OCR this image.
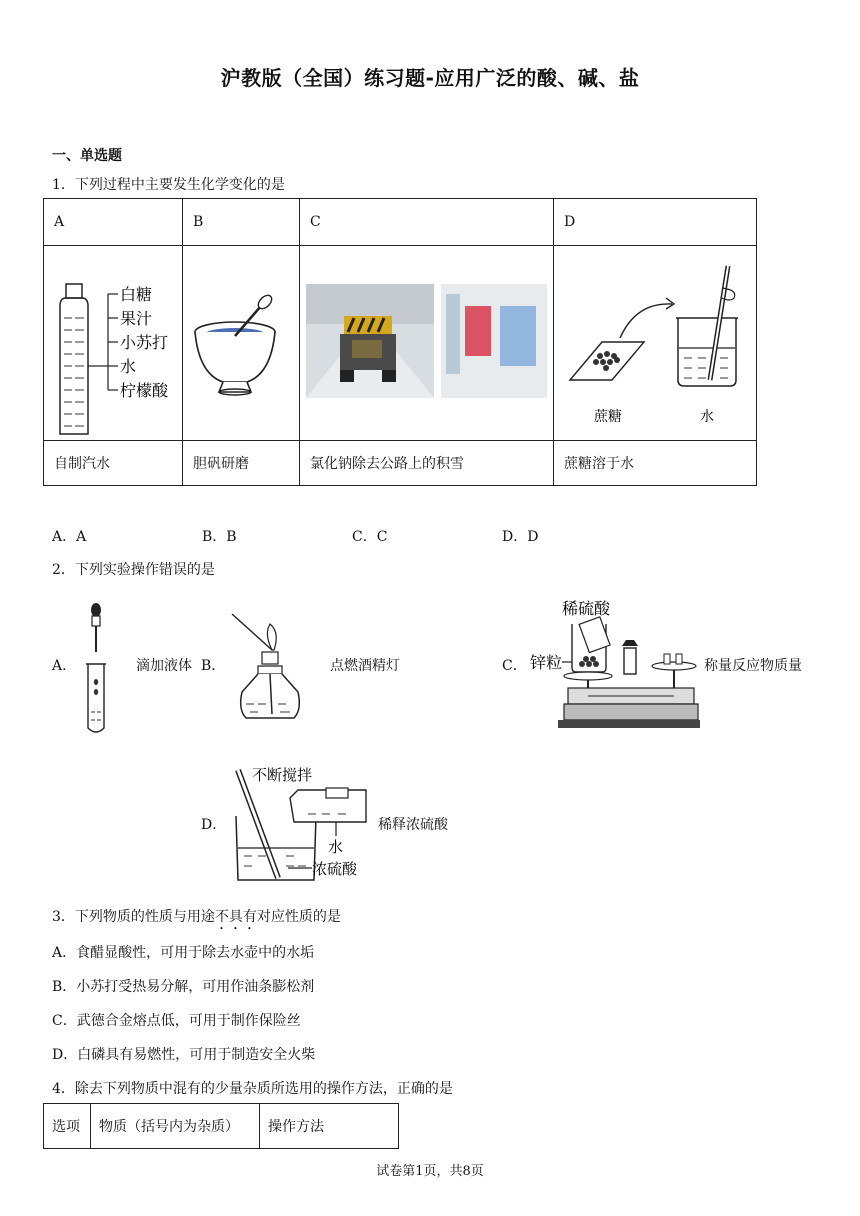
沪教版（全国）练习题-应用广泛的酸、碱、盐
一、单选题
1．下列过程中主要发生化学变化的是
A	B	C	D

白糖
果汁
小苏打
水
柠檬酸			蔗糖 水

自制汽水	胆矾研磨	氯化钠除去公路上的积雪	蔗糖溶于水
A．A	B．B	C．C	D．D
2．下列实验操作错误的是
A．	滴加液体 B．	点燃酒精灯	C．
稀硫酸
锌粒	称量反应物质量
D．
不断搅拌
水
浓硫酸
稀释浓硫酸
3．下列物质的性质与用途不具有对应性质的是
A．食醋显酸性，可用于除去水壶中的水垢
B．小苏打受热易分解，可用作油条膨松剂
C．武德合金熔点低，可用于制作保险丝
D．白磷具有易燃性，可用于制造安全火柴
4．除去下列物质中混有的少量杂质所选用的操作方法，正确的是
选项	物质（括号内为杂质）	操作方法
试卷第1页，共8页
